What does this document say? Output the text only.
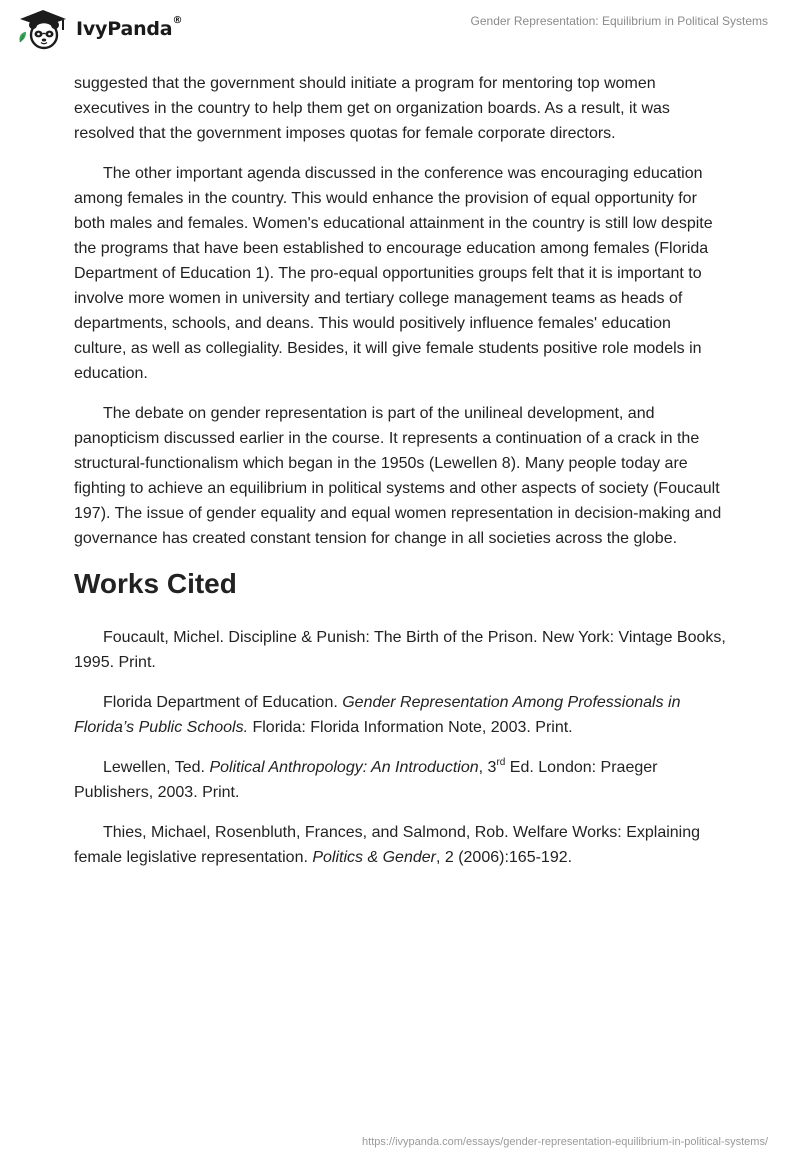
IvyPanda®	Gender Representation: Equilibrium in Political Systems

suggested that the government should initiate a program for mentoring top women executives in the country to help them get on organization boards. As a result, it was resolved that the government imposes quotas for female corporate directors.

The other important agenda discussed in the conference was encouraging education among females in the country. This would enhance the provision of equal opportunity for both males and females. Women's educational attainment in the country is still low despite the programs that have been established to encourage education among females (Florida Department of Education 1). The pro-equal opportunities groups felt that it is important to involve more women in university and tertiary college management teams as heads of departments, schools, and deans. This would positively influence females' education culture, as well as collegiality. Besides, it will give female students positive role models in education.

The debate on gender representation is part of the unilineal development, and panopticism discussed earlier in the course. It represents a continuation of a crack in the structural-functionalism which began in the 1950s (Lewellen 8). Many people today are fighting to achieve an equilibrium in political systems and other aspects of society (Foucault 197). The issue of gender equality and equal women representation in decision-making and governance has created constant tension for change in all societies across the globe.

Works Cited

Foucault, Michel. Discipline & Punish: The Birth of the Prison. New York: Vintage Books, 1995. Print.

Florida Department of Education. Gender Representation Among Professionals in Florida’s Public Schools. Florida: Florida Information Note, 2003. Print.

Lewellen, Ted. Political Anthropology: An Introduction, 3rd Ed. London: Praeger Publishers, 2003. Print.

Thies, Michael, Rosenbluth, Frances, and Salmond, Rob. Welfare Works: Explaining female legislative representation. Politics & Gender, 2 (2006):165-192.

https://ivypanda.com/essays/gender-representation-equilibrium-in-political-systems/
